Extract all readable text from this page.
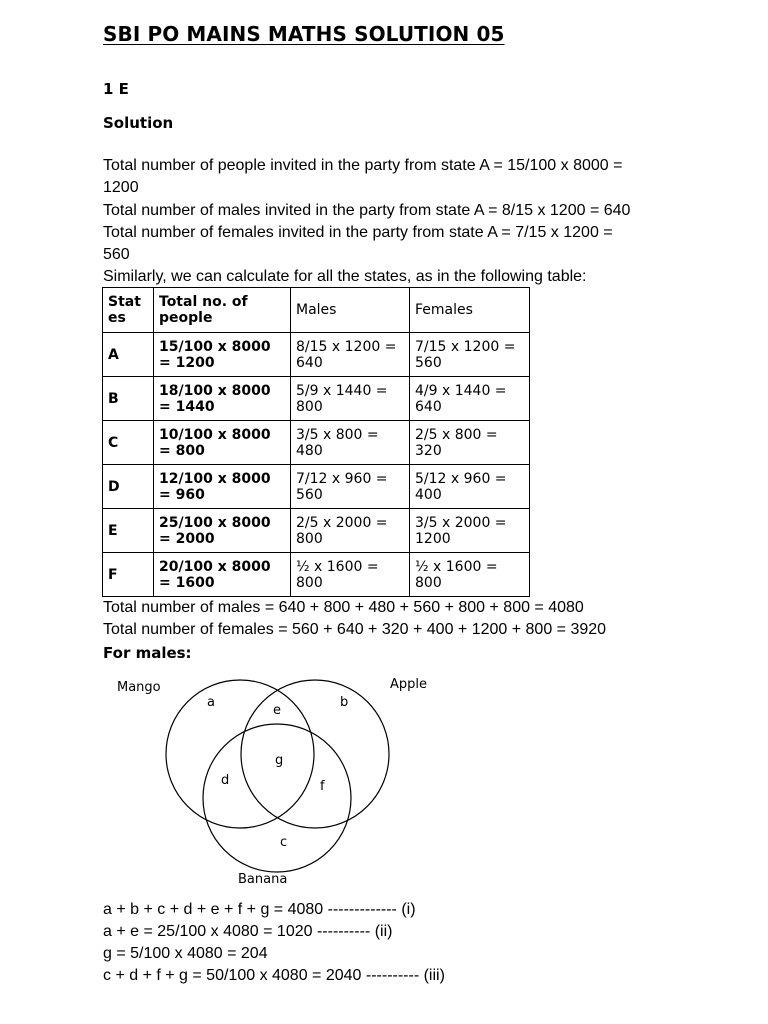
SBI PO MAINS MATHS SOLUTION 05
1 E
Solution
Total number of people invited in the party from state A = 15/100 x 8000 =
1200
Total number of males invited in the party from state A = 8/15 x 1200 = 640
Total number of females invited in the party from state A = 7/15 x 1200 =
560
Similarly, we can calculate for all the states, as in the following table:
Stat es	Total no. of people	Males	Females
A	15/100 x 8000 = 1200	8/15 x 1200 = 640	7/15 x 1200 = 560
B	18/100 x 8000 = 1440	5/9 x 1440 = 800	4/9 x 1440 = 640
C	10/100 x 8000 = 800	3/5 x 800 = 480	2/5 x 800 = 320
D	12/100 x 8000 = 960	7/12 x 960 = 560	5/12 x 960 = 400
E	25/100 x 8000 = 2000	2/5 x 2000 = 800	3/5 x 2000 = 1200
F	20/100 x 8000 = 1600	½ x 1600 = 800	½ x 1600 = 800
Total number of males = 640 + 800 + 480 + 560 + 800 + 800 = 4080
Total number of females = 560 + 640 + 320 + 400 + 1200 + 800 = 3920
For males:
Mango	Apple
Banana
a	b
c
d
e
f
g
a + b + c + d + e + f + g = 4080 ------------- (i)
a + e = 25/100 x 4080 = 1020 ---------- (ii)
g = 5/100 x 4080 = 204
c + d + f + g = 50/100 x 4080 = 2040 ---------- (iii)
